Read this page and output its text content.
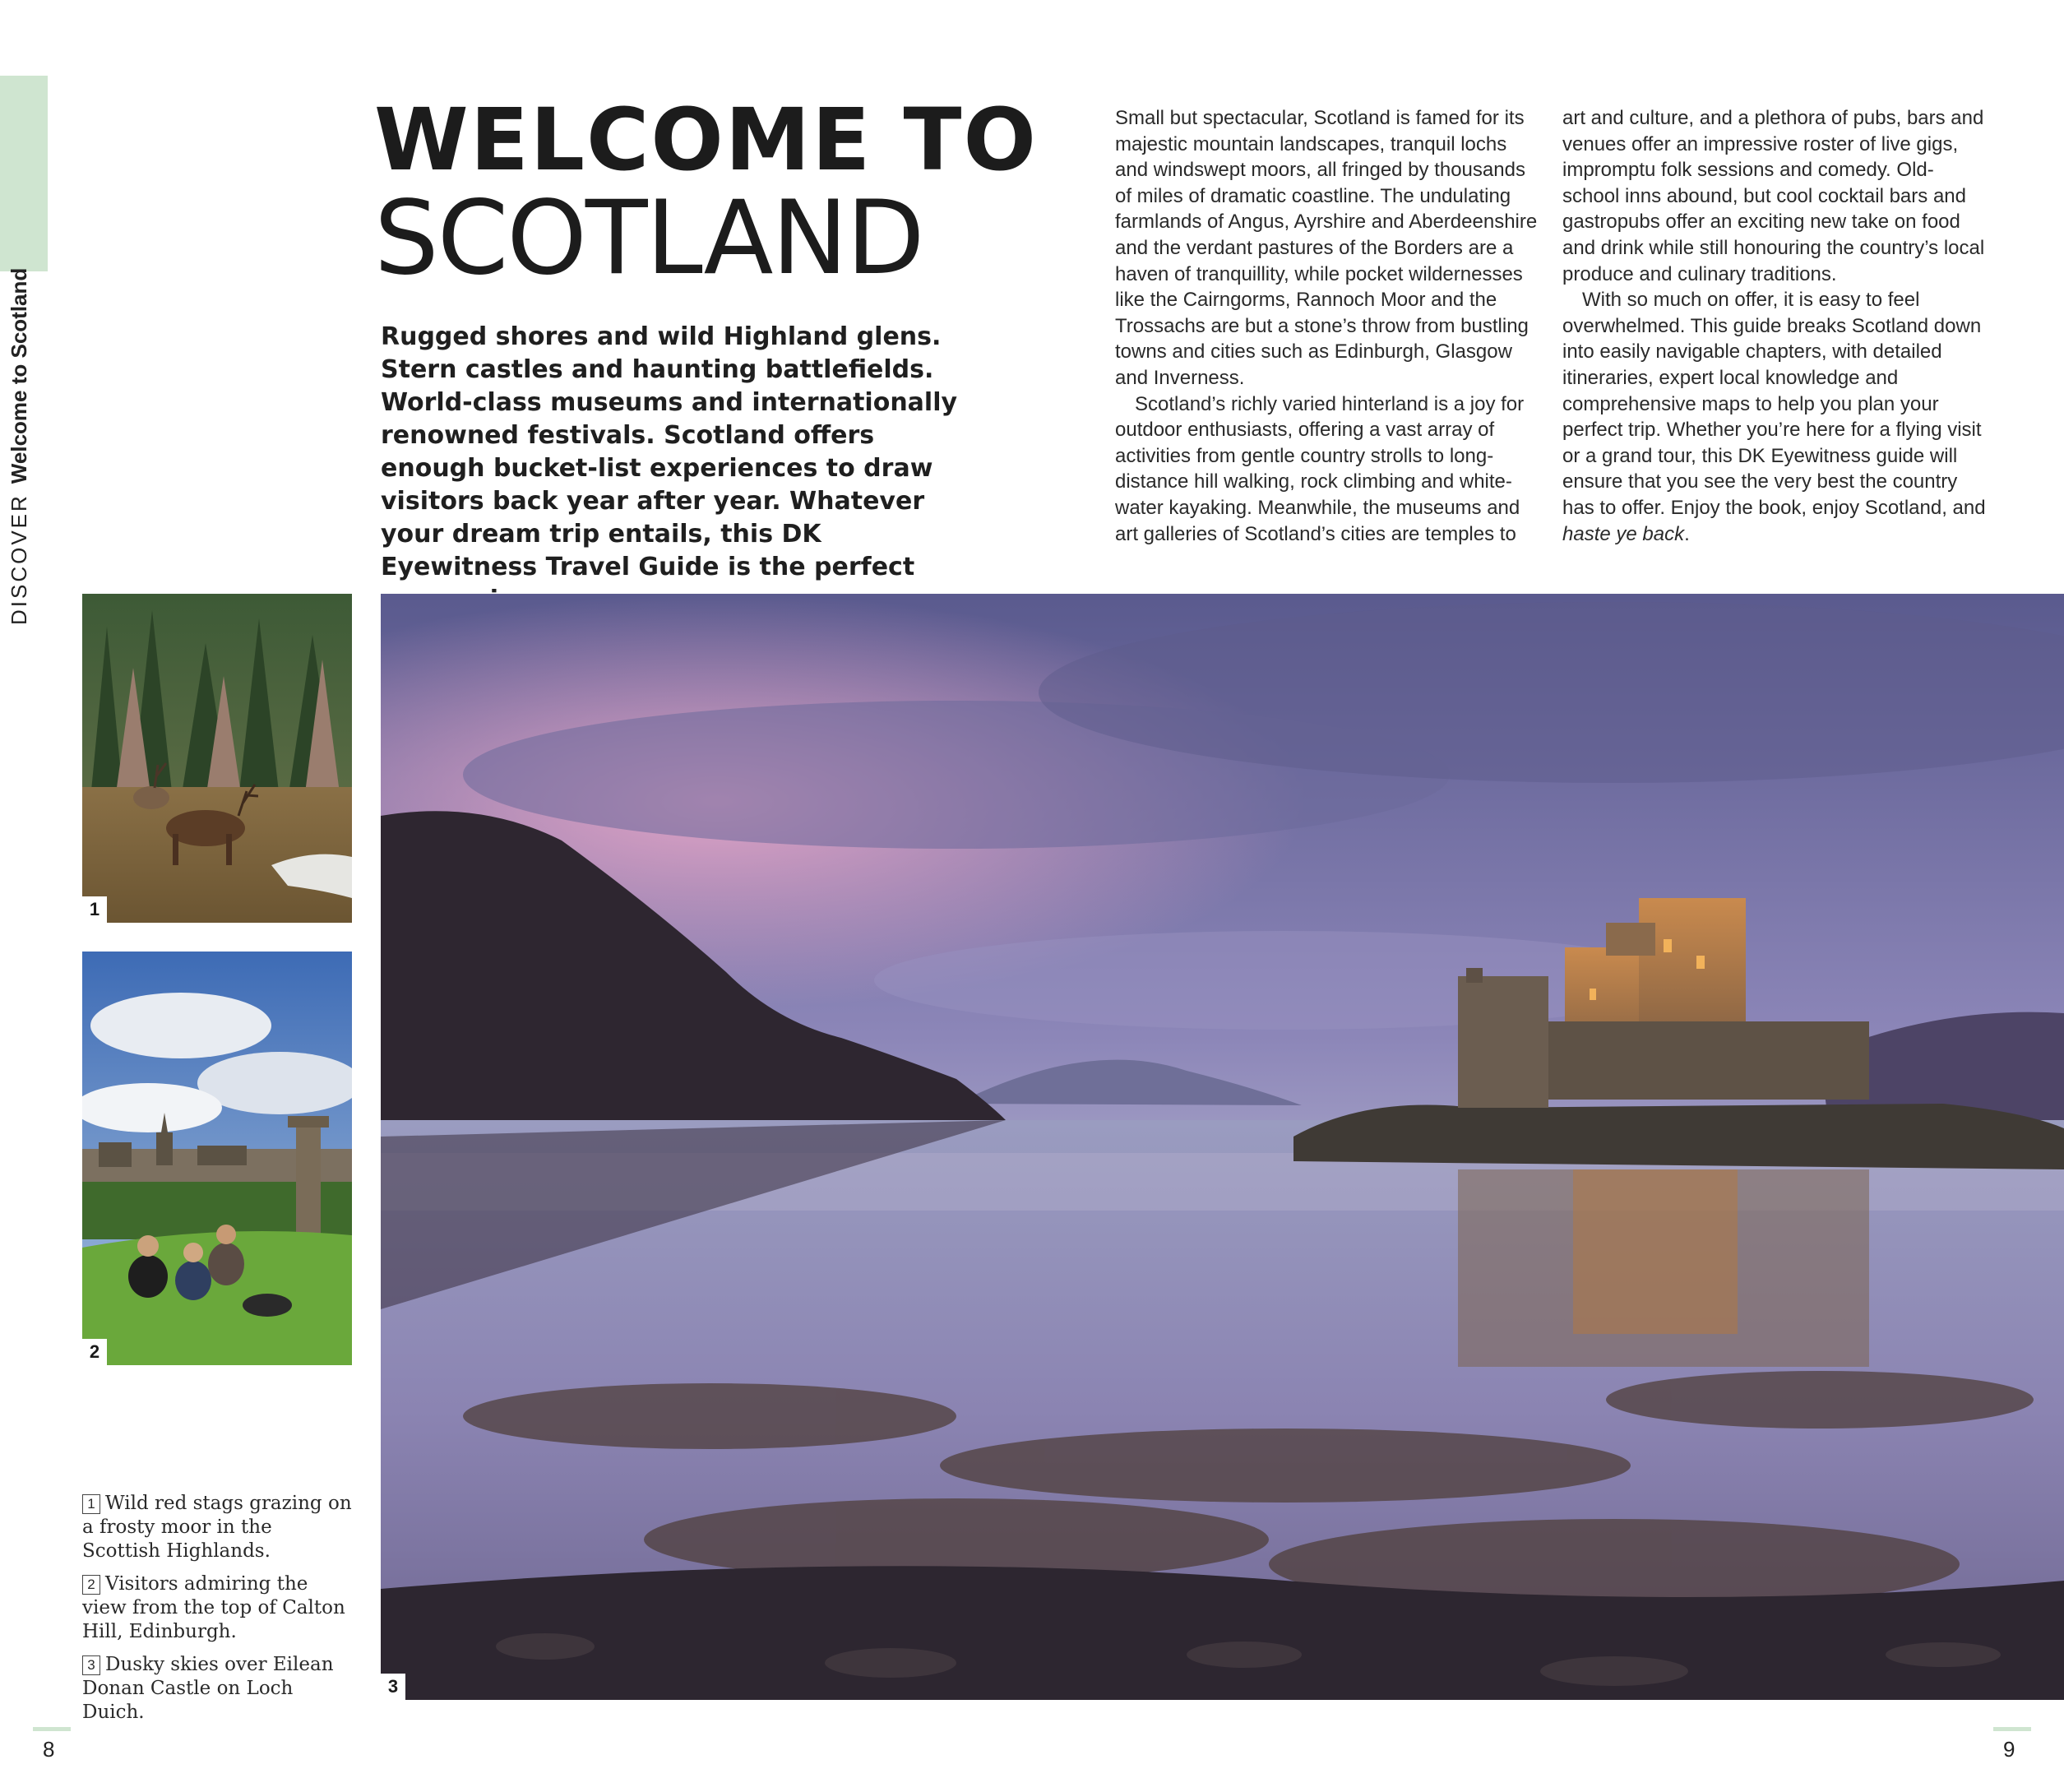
DISCOVERWelcome to Scotland
WELCOME TO
SCOTLAND
Rugged shores and wild Highland glens. Stern castles and haunting battlefields. World-class museums and internationally renowned festivals. Scotland offers enough bucket-list experiences to draw visitors back year after year. Whatever your dream trip entails, this DK Eyewitness Travel Guide is the perfect

Small but spectacular, Scotland is famed for its majestic mountain landscapes, tranquil lochs and windswept moors, all fringed by thousands of miles of dramatic coastline. The undulating farmlands of Angus, Ayrshire and Aberdeenshire and the verdant pastures of the Borders are a haven of tranquillity, while pocket wildernesses like the Cairngorms, Rannoch Moor and the Trossachs are but a stone’s throw from bustling towns and cities such as Edinburgh, Glasgow and Inverness.

Scotland’s richly varied hinterland is a joy for outdoor enthusiasts, offering a vast array of activities from gentle country strolls to long-distance hill walking, rock climbing and white-water kayaking. Meanwhile, the museums and art galleries of Scotland’s cities are temples to

art and culture, and a plethora of pubs, bars and venues offer an impressive roster of live gigs, impromptu folk sessions and comedy. Old-school inns abound, but cool cocktail bars and gastropubs offer an exciting new take on food and drink while still honouring the country’s local produce and culinary traditions.

With so much on offer, it is easy to feel overwhelmed. This guide breaks Scotland down into easily navigable chapters, with detailed itineraries, expert local knowledge and comprehensive maps to help you plan your perfect trip. Whether you’re here for a flying visit or a grand tour, this DK Eyewitness guide will ensure that you see the very best the country has to offer. Enjoy the book, enjoy Scotland, and haste ye back.

1
2
3
1 Wild red stags grazing on a frosty moor in the Scottish Highlands.
2 Visitors admiring the view from the top of Calton Hill, Edinburgh.
3 Dusky skies over Eilean Donan Castle on Loch Duich.
8	9
